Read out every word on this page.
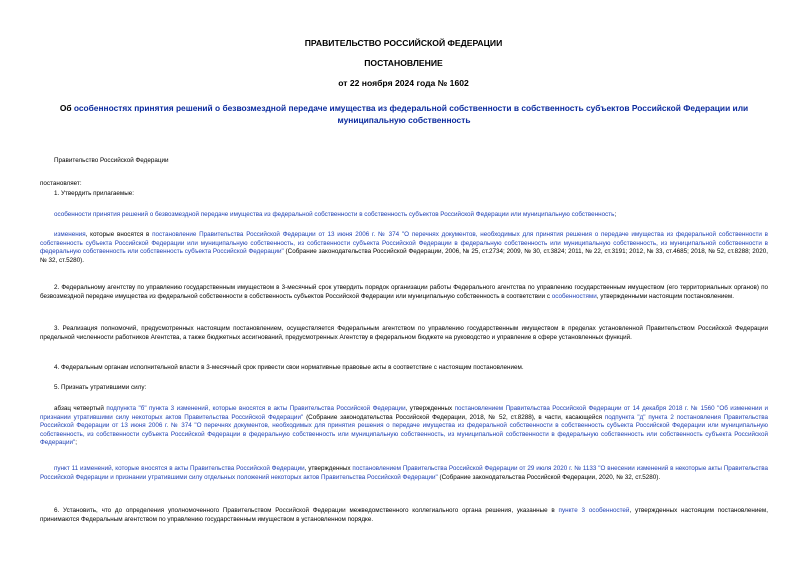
ПРАВИТЕЛЬСТВО РОССИЙСКОЙ ФЕДЕРАЦИИ
ПОСТАНОВЛЕНИЕ
от 22 ноября 2024 года № 1602
Об особенностях принятия решений о безвозмездной передаче имущества из федеральной собственности в собственность субъектов Российской Федерации или муниципальную собственность
Правительство Российской Федерации
постановляет:
1. Утвердить прилагаемые:
особенности принятия решений о безвозмездной передаче имущества из федеральной собственности в собственность субъектов Российской Федерации или муниципальную собственность;
изменения, которые вносятся в постановление Правительства Российской Федерации от 13 июня 2006 г. № 374 "О перечнях документов, необходимых для принятия решения о передаче имущества из федеральной собственности в собственность субъекта Российской Федерации или муниципальную собственность, из собственности субъекта Российской Федерации в федеральную собственность или муниципальную собственность, из муниципальной собственности в федеральную собственность или собственность субъекта Российской Федерации" (Собрание законодательства Российской Федерации, 2006, № 25, ст.2734; 2009, № 30, ст.3824; 2011, № 22, ст.3191; 2012, № 33, ст.4685; 2018, № 52, ст.8288; 2020, № 32, ст.5280).
2. Федеральному агентству по управлению государственным имуществом в 3-месячный срок утвердить порядок организации работы Федерального агентства по управлению государственным имуществом (его территориальных органов) по безвозмездной передаче имущества из федеральной собственности в собственность субъектов Российской Федерации или муниципальную собственность в соответствии с особенностями, утвержденными настоящим постановлением.
3. Реализация полномочий, предусмотренных настоящим постановлением, осуществляется Федеральным агентством по управлению государственным имуществом в пределах установленной Правительством Российской Федерации предельной численности работников Агентства, а также бюджетных ассигнований, предусмотренных Агентству в федеральном бюджете на руководство и управление в сфере установленных функций.
4. Федеральным органам исполнительной власти в 3-месячный срок привести свои нормативные правовые акты в соответствие с настоящим постановлением.
5. Признать утратившими силу:
абзац четвертый подпункта "б" пункта 3 изменений, которые вносятся в акты Правительства Российской Федерации, утвержденных постановлением Правительства Российской Федерации от 14 декабря 2018 г. № 1560 "Об изменении и признании утратившими силу некоторых актов Правительства Российской Федерации" (Собрание законодательства Российской Федерации, 2018, № 52, ст.8288), в части, касающейся подпункта "д" пункта 2 постановления Правительства Российской Федерации от 13 июня 2006 г. № 374 "О перечнях документов, необходимых для принятия решения о передаче имущества из федеральной собственности в собственность субъекта Российской Федерации или муниципальную собственность, из собственности субъекта Российской Федерации в федеральную собственность или муниципальную собственность, из муниципальной собственности в федеральную собственность или собственность субъекта Российской Федерации";
пункт 11 изменений, которые вносятся в акты Правительства Российской Федерации, утвержденных постановлением Правительства Российской Федерации от 29 июля 2020 г. № 1133 "О внесении изменений в некоторые акты Правительства Российской Федерации и признании утратившими силу отдельных положений некоторых актов Правительства Российской Федерации" (Собрание законодательства Российской Федерации, 2020, № 32, ст.5280).
6. Установить, что до определения уполномоченного Правительством Российской Федерации межведомственного коллегиального органа решения, указанные в пункте 3 особенностей, утвержденных настоящим постановлением, принимаются Федеральным агентством по управлению государственным имуществом в установленном порядке.
